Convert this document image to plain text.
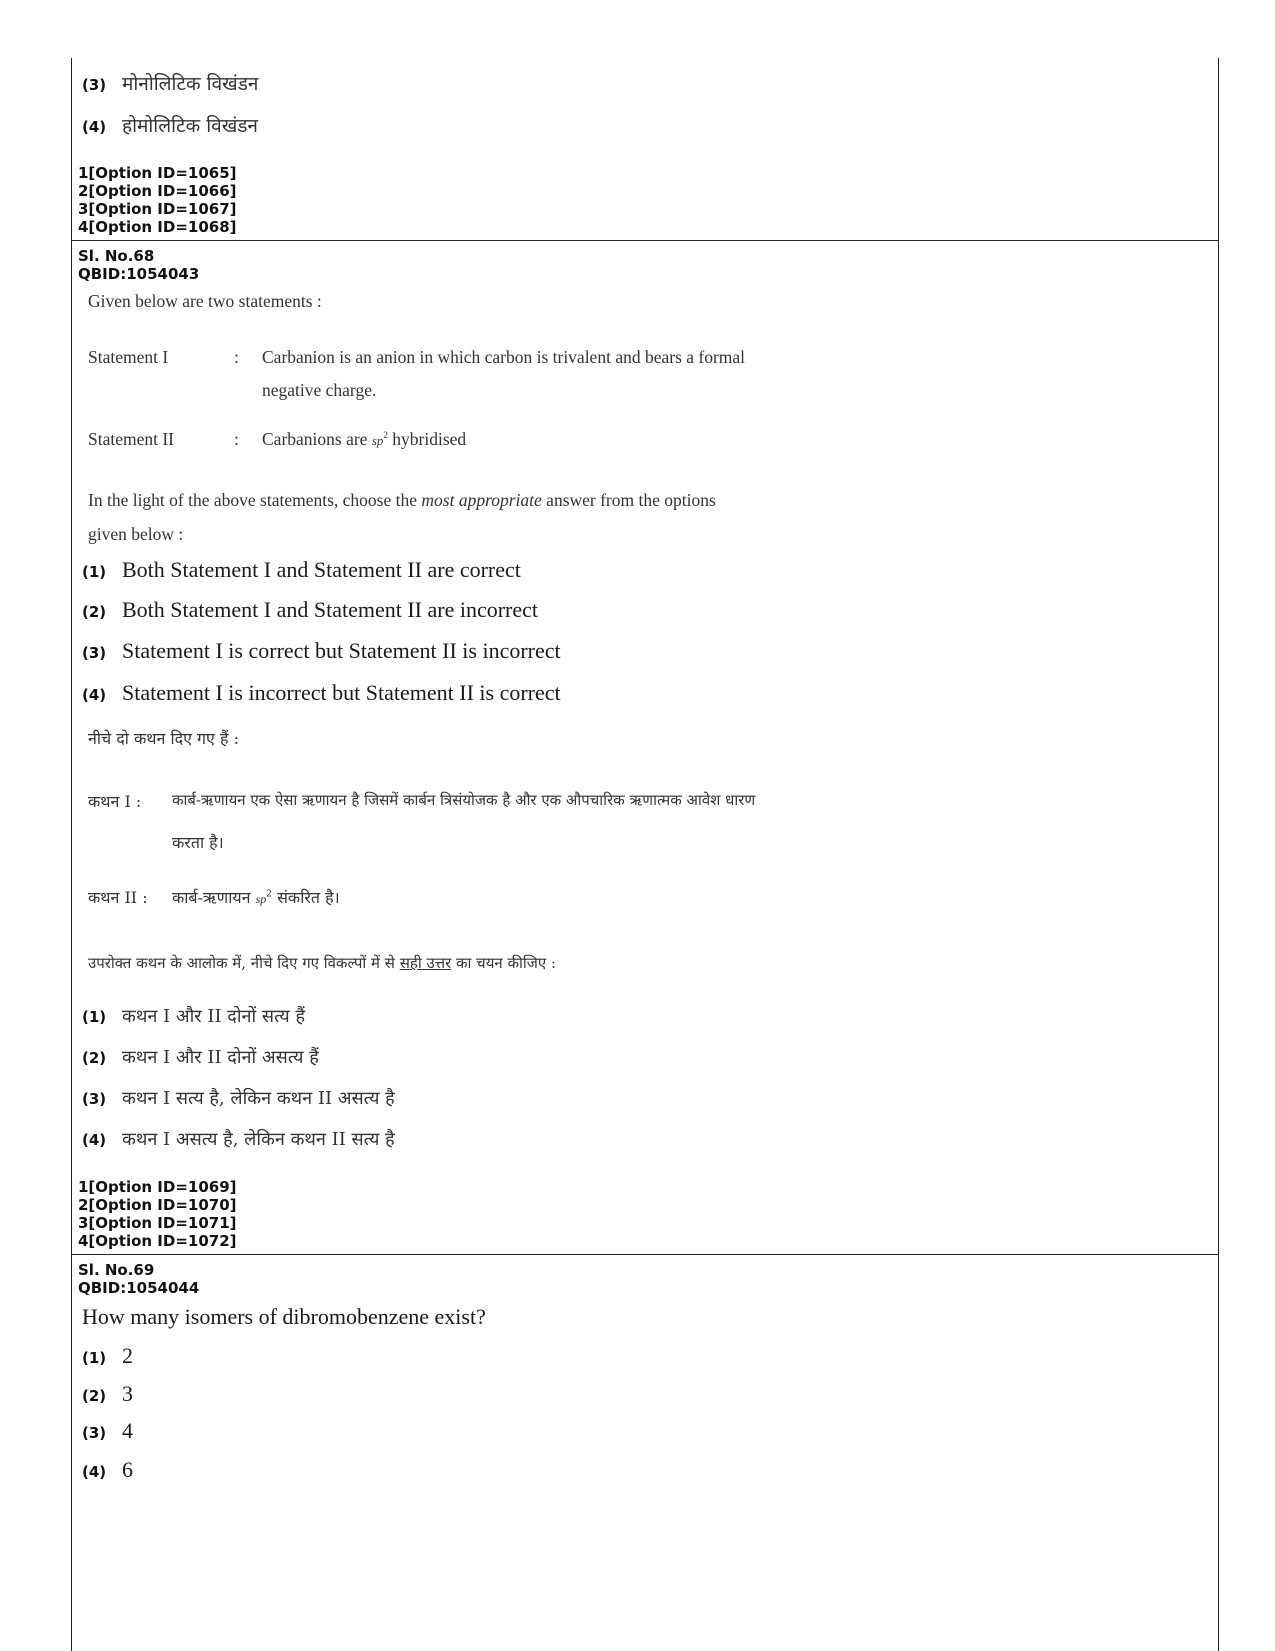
(3) मोनोलिटिक विखंडन
(4) होमोलिटिक विखंडन
1[Option ID=1065]
2[Option ID=1066]
3[Option ID=1067]
4[Option ID=1068]
Sl. No.68
QBID:1054043
Given below are two statements :
Statement I	: Carbanion is an anion in which carbon is trivalent and bears a formal
negative charge.
Statement II	: Carbanions are $sp^2$ hybridised
In the light of the above statements, choose the most appropriate answer from the options
given below :
(1) Both Statement I and Statement II are correct
(2) Both Statement I and Statement II are incorrect
(3) Statement I is correct but Statement II is incorrect
(4) Statement I is incorrect but Statement II is correct
नीचे दो कथन दिए गए हैं :
कथन I : कार्ब-ऋणायन एक ऐसा ऋणायन है जिसमें कार्बन त्रिसंयोजक है और एक औपचारिक ऋणात्मक आवेश धारण
करता है।
कथन II : कार्ब-ऋणायन $sp^2$ संकरित है।
उपरोक्त कथन के आलोक में, नीचे दिए गए विकल्पों में से सही उत्तर का चयन कीजिए :
(1) कथन I और II दोनों सत्य हैं
(2) कथन I और II दोनों असत्य हैं
(3) कथन I सत्य है, लेकिन कथन II असत्य है
(4) कथन I असत्य है, लेकिन कथन II सत्य है
1[Option ID=1069]
2[Option ID=1070]
3[Option ID=1071]
4[Option ID=1072]
Sl. No.69
QBID:1054044
How many isomers of dibromobenzene exist?
(1) 2
(2) 3
(3) 4
(4) 6
